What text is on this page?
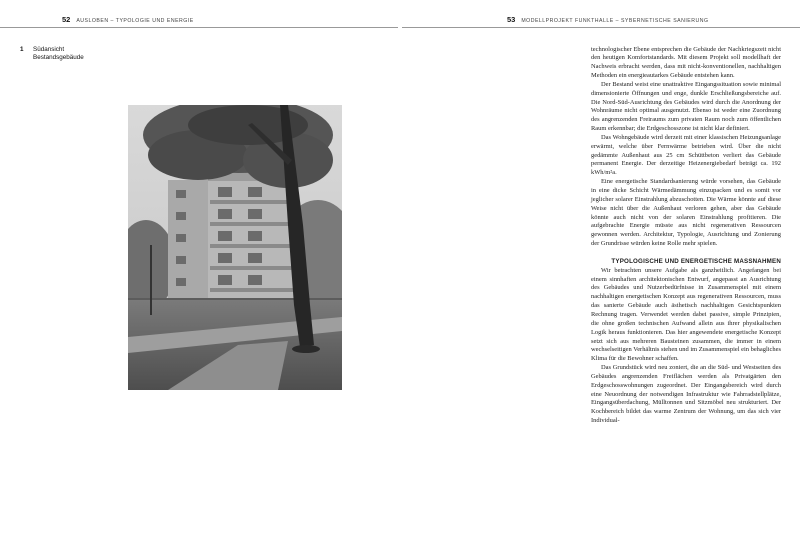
52 AUSLOBEN – TYPOLOGIE UND ENERGIE	53 MODELLPROJEKT FUNKTHALLE – SYBERNETISCHE SANIERUNG
1 Südansicht
Bestandsgebäude

technologischer Ebene entsprechen die Gebäude der Nachkriegszeit nicht den heutigen Komfortstandards. Mit diesem Projekt soll modellhaft der Nachweis erbracht werden, dass mit nicht-konventionellen, nachhaltigen Methoden ein energieautarkes Gebäude entstehen kann.

Der Bestand weist eine unattraktive Eingangssituation sowie minimal dimensionierte Öffnungen und enge, dunkle Erschließungsbereiche auf. Die Nord-Süd-Ausrichtung des Gebäudes wird durch die Anordnung der Wohnräume nicht optimal ausgenutzt. Ebenso ist weder eine Zuordnung des angrenzenden Freiraums zum privaten Raum noch zum öffentlichen Raum erkennbar; die Erdgeschosszone ist nicht klar definiert.

Das Wohngebäude wird derzeit mit einer klassischen Heizungsanlage erwärmt, welche über Fernwärme betrieben wird. Über die nicht gedämmte Außenhaut aus 25 cm Schüttbeton verliert das Gebäude permanent Energie. Der derzeitige Heizenergiebedarf beträgt ca. 192 kWh/m²a.

Eine energetische Standardsanierung würde vorsehen, das Gebäude in eine dicke Schicht Wärmedämmung einzupacken und es somit vor jeglicher solarer Einstrahlung abzuschotten. Die Wärme könnte auf diese Weise nicht über die Außenhaut verloren gehen, aber das Gebäude könnte auch nicht von der solaren Einstrahlung profitieren. Die aufgebrachte Energie müsste aus nicht regenerativen Ressourcen gewonnen werden. Architektur, Typologie, Ausrichtung und Zonierung der Grundrisse würden keine Rolle mehr spielen.

TYPOLOGISCHE UND ENERGETISCHE MASSNAHMEN

Wir betrachten unsere Aufgabe als ganzheitlich. Angefangen bei einem sinnhaften architektonischen Entwurf, angepasst an Ausrichtung des Gebäudes und Nutzerbedürfnisse in Zusammenspiel mit einem nachhaltigen energetischen Konzept aus regenerativen Ressourcen, muss das sanierte Gebäude auch ästhetisch nachhaltigen Gesichtspunkten Rechnung tragen. Verwendet werden dabei passive, simple Prinzipien, die ohne großen technischen Aufwand allein aus ihrer physikalischen Logik heraus funktionieren. Das hier angewendete energetische Konzept setzt sich aus mehreren Bausteinen zusammen, die immer in einem wechselseitigen Verhältnis stehen und im Zusammenspiel ein behagliches Klima für die Bewohner schaffen.

Das Grundstück wird neu zoniert, die an die Süd- und Westseiten des Gebäudes angrenzenden Freiflächen werden als Privatgärten den Erdgeschosswohnungen zugeordnet. Der Eingangsbereich wird durch eine Neuordnung der notwendigen Infrastruktur wie Fahrradstellplätze, Eingangsüberdachung, Mülltonnen und Sitzmöbel neu strukturiert. Der Kochbereich bildet das warme Zentrum der Wohnung, um das sich vier Individual-
